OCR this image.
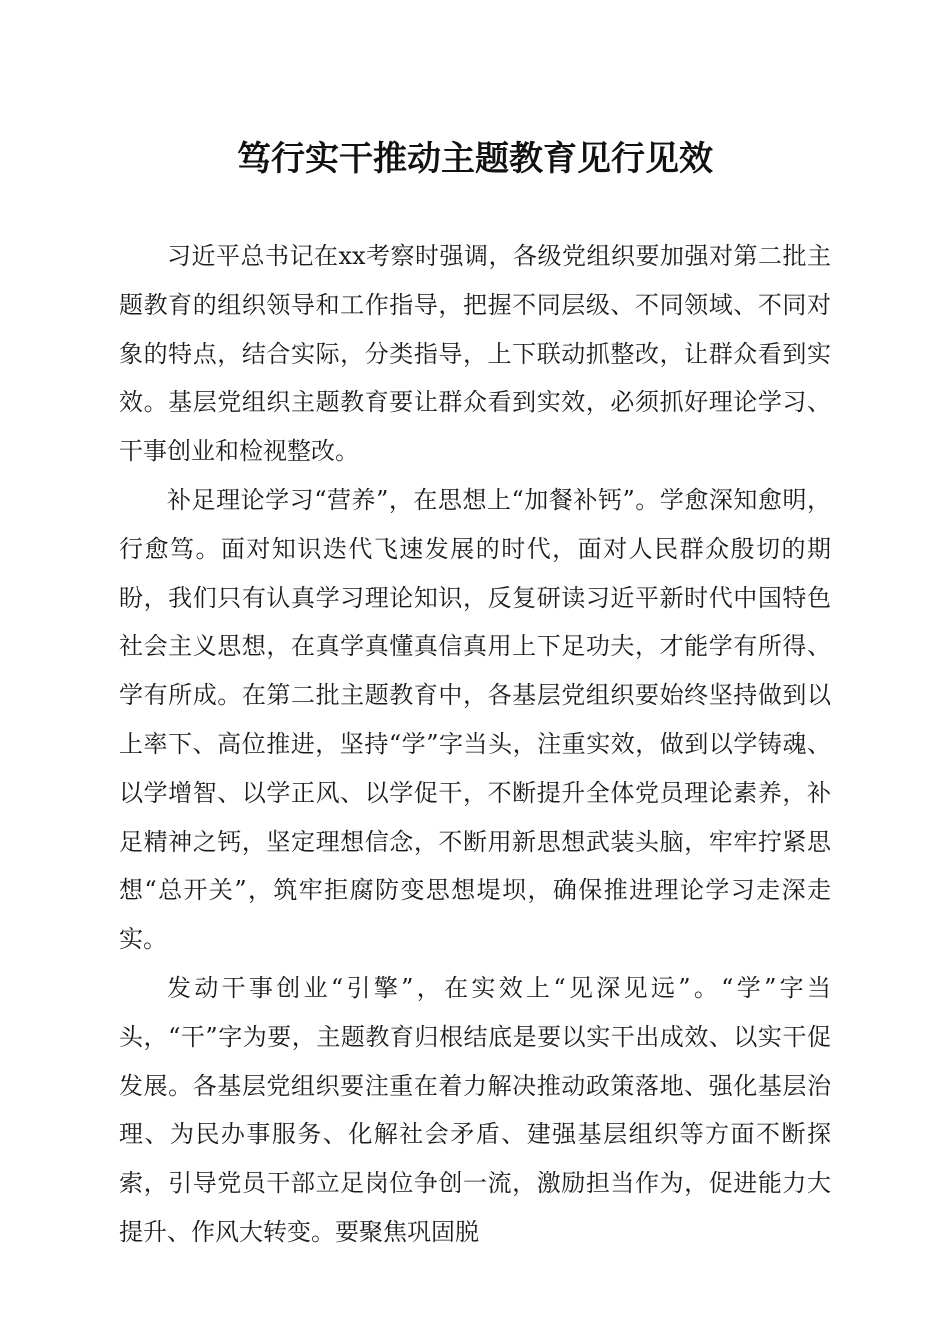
笃行实干推动主题教育见行见效

习近平总书记在xx考察时强调，各级党组织要加强对第二批主题教育的组织领导和工作指导，把握不同层级、不同领域、不同对象的特点，结合实际，分类指导，上下联动抓整改，让群众看到实效。基层党组织主题教育要让群众看到实效，必须抓好理论学习、干事创业和检视整改。

补足理论学习“营养”，在思想上“加餐补钙”。学愈深知愈明，行愈笃。面对知识迭代飞速发展的时代，面对人民群众殷切的期盼，我们只有认真学习理论知识，反复研读习近平新时代中国特色社会主义思想，在真学真懂真信真用上下足功夫，才能学有所得、学有所成。在第二批主题教育中，各基层党组织要始终坚持做到以上率下、高位推进，坚持“学”字当头，注重实效，做到以学铸魂、以学增智、以学正风、以学促干，不断提升全体党员理论素养，补足精神之钙，坚定理想信念，不断用新思想武装头脑，牢牢拧紧思想“总开关”，筑牢拒腐防变思想堤坝，确保推进理论学习走深走实。

发动干事创业“引擎”，在实效上“见深见远”。“学”字当头，“干”字为要，主题教育归根结底是要以实干出成效、以实干促发展。各基层党组织要注重在着力解决推动政策落地、强化基层治理、为民办事服务、化解社会矛盾、建强基层组织等方面不断探索，引导党员干部立足岗位争创一流，激励担当作为，促进能力大提升、作风大转变。要聚焦巩固脱
